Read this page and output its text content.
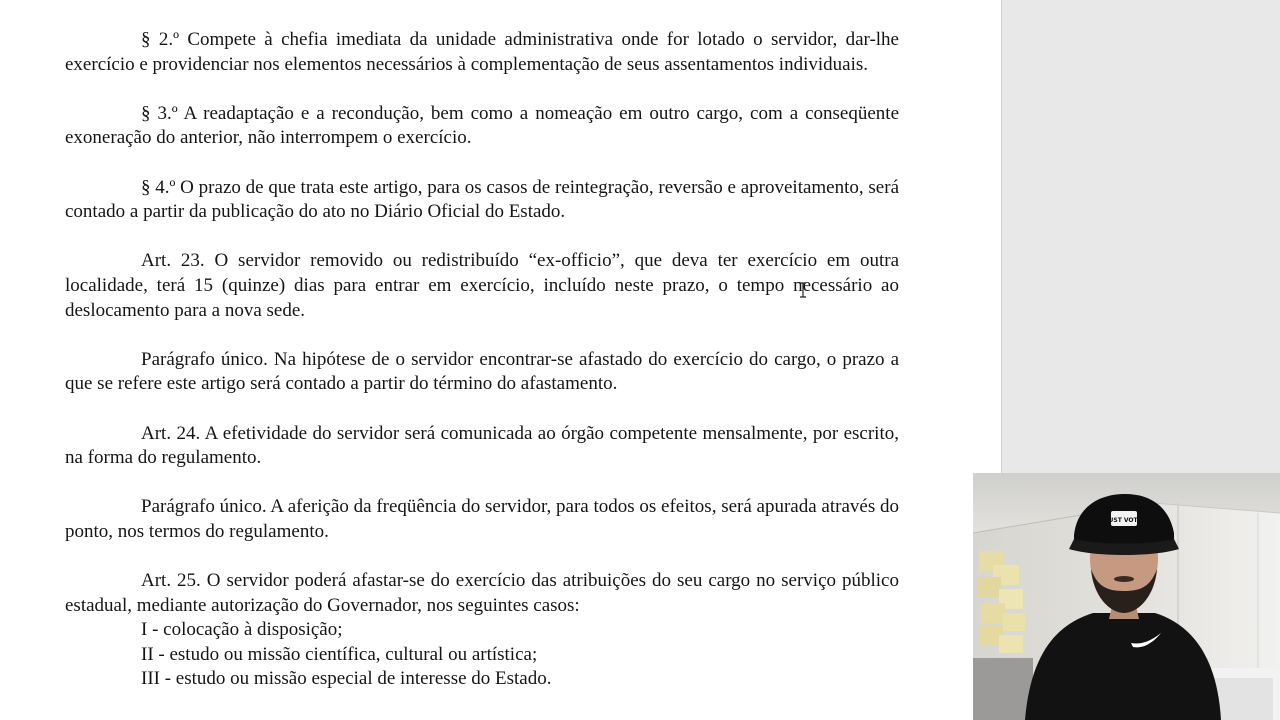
§ 2.º Compete à chefia imediata da unidade administrativa onde for lotado o servidor, dar-lhe exercício e providenciar nos elementos necessários à complementação de seus assentamentos individuais.

§ 3.º A readaptação e a recondução, bem como a nomeação em outro cargo, com a conseqüente exoneração do anterior, não interrompem o exercício.

§ 4.º O prazo de que trata este artigo, para os casos de reintegração, reversão e aproveitamento, será contado a partir da publicação do ato no Diário Oficial do Estado.

Art. 23. O servidor removido ou redistribuído “ex-officio”, que deva ter exercício em outra localidade, terá 15 (quinze) dias para entrar em exercício, incluído neste prazo, o tempo necessário ao deslocamento para a nova sede.

Parágrafo único. Na hipótese de o servidor encontrar-se afastado do exercício do cargo, o prazo a que se refere este artigo será contado a partir do término do afastamento.

Art. 24. A efetividade do servidor será comunicada ao órgão competente mensalmente, por escrito, na forma do regulamento.

Parágrafo único. A aferição da freqüência do servidor, para todos os efeitos, será apurada através do ponto, nos termos do regulamento.

Art. 25. O servidor poderá afastar-se do exercício das atribuições do seu cargo no serviço público estadual, mediante autorização do Governador, nos seguintes casos:

I - colocação à disposição;

II - estudo ou missão científica, cultural ou artística;

III - estudo ou missão especial de interesse do Estado.

JUST VOTE
